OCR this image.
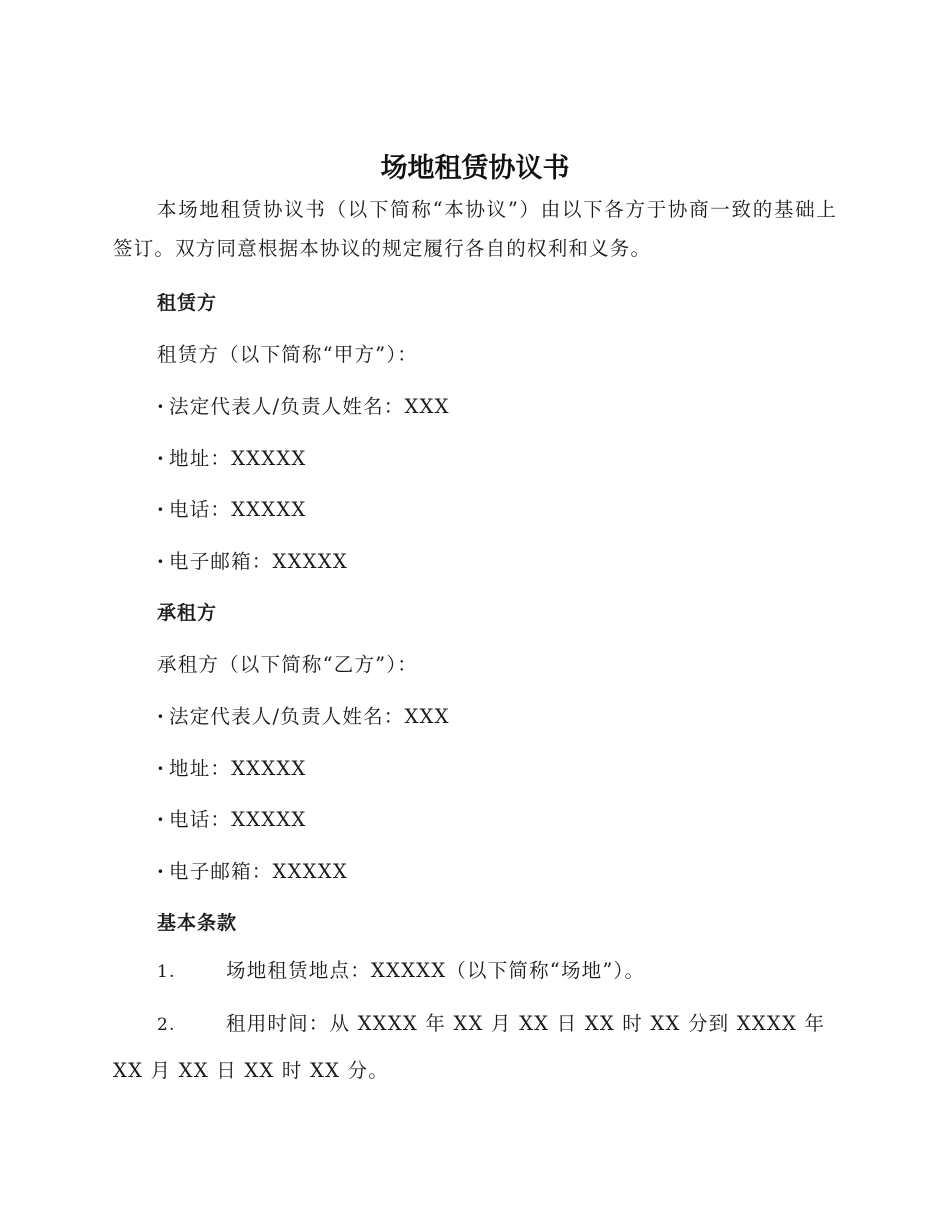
场地租赁协议书

本场地租赁协议书（以下简称“本协议”）由以下各方于协商一致的基础上签订。双方同意根据本协议的规定履行各自的权利和义务。

租赁方
租赁方（以下简称“甲方”）：
· 法定代表人/负责人姓名：XXX
· 地址：XXXXX
· 电话：XXXXX
· 电子邮箱：XXXXX
承租方
承租方（以下简称“乙方”）：
· 法定代表人/负责人姓名：XXX
· 地址：XXXXX
· 电话：XXXXX
· 电子邮箱：XXXXX
基本条款

1.	场地租赁地点：XXXXX（以下简称“场地”）。

2.	租用时间：从 XXXX 年 XX 月 XX 日 XX 时 XX 分到 XXXX 年 XX 月 XX 日 XX 时 XX 分。
